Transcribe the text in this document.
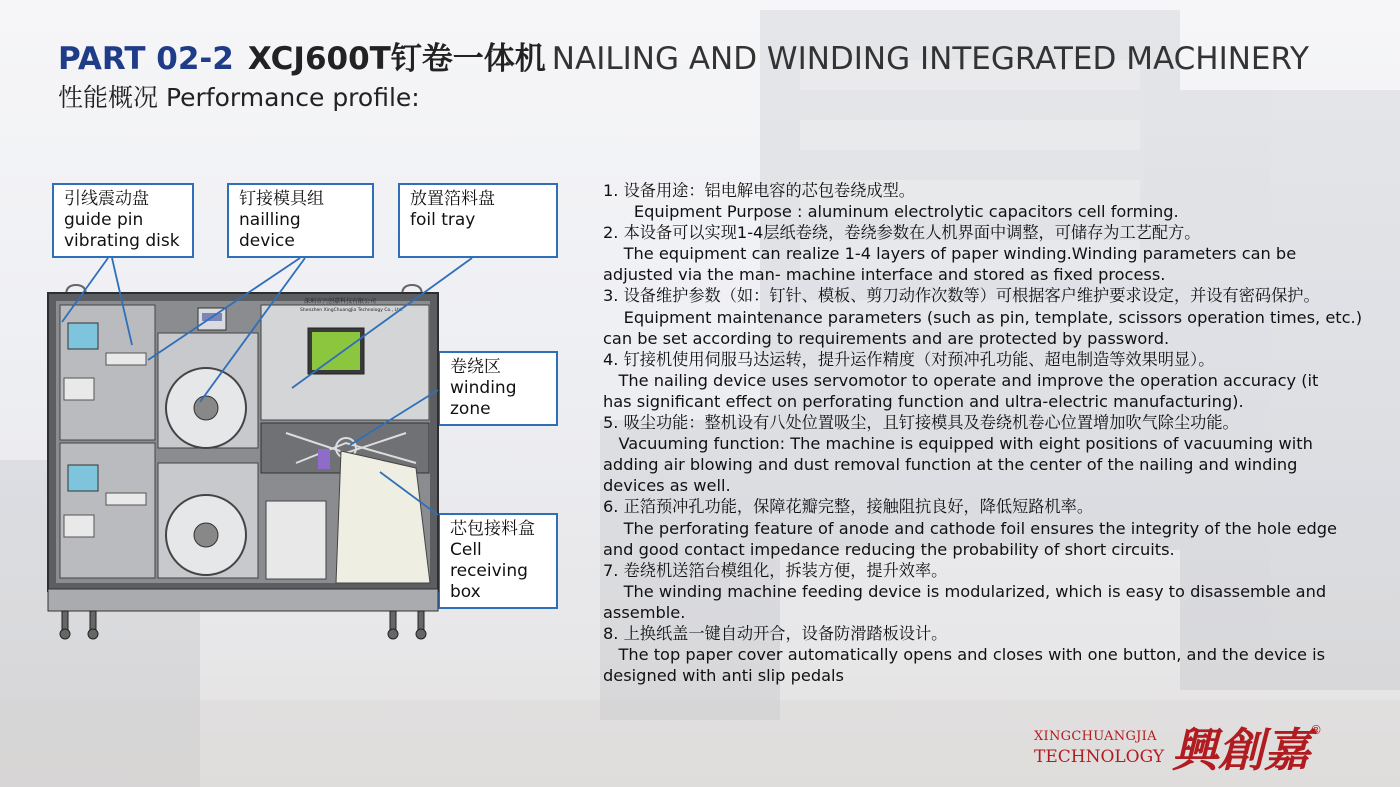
PART 02-2 XCJ600T钉卷一体机 NAILING AND WINDING INTEGRATED MACHINERY
性能概况 Performance profile:
引线震动盘
guide pin
vibrating disk
钉接模具组
nailling
device
放置箔料盘
foil tray
卷绕区
winding
zone
芯包接料盒
Cell
receiving
box
深圳市兴创嘉科技有限公司
Shenzhen XingChuangJia Technology Co., Ltd.
1. 设备用途：铝电解电容的芯包卷绕成型。
Equipment Purpose : aluminum electrolytic capacitors cell forming.
2. 本设备可以实现1-4层纸卷绕，卷绕参数在人机界面中调整，可储存为工艺配方。
The equipment can realize 1-4 layers of paper winding.Winding parameters can be adjusted via the man- machine interface and stored as fixed process.
3. 设备维护参数（如：钉针、模板、剪刀动作次数等）可根据客户维护要求设定，并设有密码保护。
Equipment maintenance parameters (such as pin, template, scissors operation times, etc.)     can be set according to requirements and are protected by password.
4. 钉接机使用伺服马达运转，提升运作精度（对预冲孔功能、超电制造等效果明显）。
The nailing device uses servomotor to operate and improve the operation accuracy (it     has significant effect on perforating function and ultra-electric manufacturing).
5. 吸尘功能：整机设有八处位置吸尘，且钉接模具及卷绕机卷心位置增加吹气除尘功能。
Vacuuming function: The machine is equipped with eight positions of vacuuming with adding air blowing and dust removal function at the center of the nailing and winding devices as well.
6. 正箔预冲孔功能，保障花瓣完整，接触阻抗良好，降低短路机率。
The perforating feature of anode and cathode foil ensures the integrity of the hole edge and good contact impedance reducing the probability of short circuits.
7. 卷绕机送箔台模组化，拆装方便，提升效率。
The winding machine feeding device is modularized, which is easy to disassemble and assemble.
8. 上换纸盖一键自动开合，设备防滑踏板设计。
The top paper cover automatically opens and closes with one button, and the device is designed with anti slip pedals
XINGCHUANGJIA
TECHNOLOGY 興創嘉 ®
